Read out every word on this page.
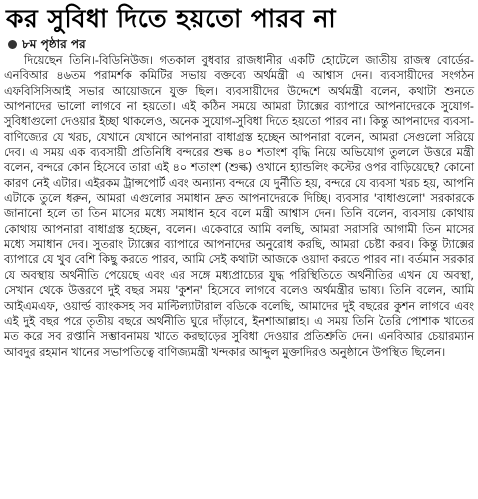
কর সুবিধা দিতে হয়তো পারব না
৮ম পৃষ্ঠার পর

দিয়েছেন তিনি।-বিডিনিউজ। গতকাল বুধবার রাজধানীর একটি হোটেলে জাতীয় রাজস্ব বোর্ডের-এনবিআর ৪৬তম পরামর্শক কমিটির সভায় বক্তব্যে অর্থমন্ত্রী এ আশ্বাস দেন। ব্যবসায়ীদের সংগঠন এফবিসিসিআই সভার আয়োজনে যুক্ত ছিল। ব্যবসায়ীদের উদ্দেশে অর্থমন্ত্রী বলেন, কথাটা শুনতে আপনাদের ভালো লাগবে না হয়তো। এই কঠিন সময়ে আমরা ট্যাক্সের ব্যাপারে আপনাদেরকে সুযোগ-সুবিধাগুলো দেওয়ার ইচ্ছা থাকলেও, অনেক সুযোগ-সুবিধা দিতে হয়তো পারব না। কিন্তু আপনাদের ব্যবসা-বাণিজ্যের যে খরচ, যেখানে যেখানে আপনারা বাধাগ্রস্ত হচ্ছেন আপনারা বলেন, আমরা সেগুলো সরিয়ে দেব। এ সময় এক ব্যবসায়ী প্রতিনিধি বন্দরের শুল্ক ৪০ শতাংশ বৃদ্ধি নিয়ে অভিযোগ তুললে উত্তরে মন্ত্রী বলেন, বন্দরে কোন হিসেবে তারা এই ৪০ শতাংশ (শুল্ক) ওখানে হ্যান্ডলিং কস্টের ওপর বাড়িয়েছে? কোনো কারণ নেই এটার। এইরকম ট্রান্সপোর্ট এবং অন্যান্য বন্দরে যে দুর্নীতি হয়, বন্দরে যে ব্যবসা খরচ হয়, আপনি এটাকে তুলে ধরুন, আমরা এগুলোর সমাধান দ্রুত আপনাদেরকে দিচ্ছি। ব্যবসার 'বাধাগুলো' সরকারকে জানানো হলে তা তিন মাসের মধ্যে সমাধান হবে বলে মন্ত্রী আশ্বাস দেন। তিনি বলেন, ব্যবসায় কোথায় কোথায় আপনারা বাধাগ্রস্ত হচ্ছেন, বলেন। একেবারে আমি বলছি, আমরা সরাসরি আগামী তিন মাসের মধ্যে সমাধান দেব। সুতরাং ট্যাক্সের ব্যাপারে আপনাদের অনুরোধ করছি, আমরা চেষ্টা করব। কিন্তু ট্যাক্সের ব্যাপারে যে খুব বেশি কিছু করতে পারব, আমি সেই কথাটা আজকে ওয়াদা করতে পারব না। বর্তমান সরকার যে অবস্থায় অর্থনীতি পেয়েছে এবং এর সঙ্গে মধ্যপ্রাচ্যের যুদ্ধ পরিস্থিতিতে অর্থনীতির এখন যে অবস্থা, সেখান থেকে উত্তরণে দুই বছর সময় 'কুশন' হিসেবে লাগবে বলেও অর্থমন্ত্রীর ভাষ্য। তিনি বলেন, আমি আইএমএফ, ওয়ার্ল্ড ব্যাংকসহ সব মাল্টিল্যাটারাল বডিকে বলেছি, আমাদের দুই বছরের কুশন লাগবে এবং এই দুই বছর পরে তৃতীয় বছরে অর্থনীতি ঘুরে দাঁড়াবে, ইনশাআল্লাহ। এ সময় তিনি তৈরি পোশাক খাতের মত করে সব রপ্তানি সম্ভাবনাময় খাতে করছাড়ের সুবিধা দেওয়ার প্রতিশ্রুতি দেন। এনবিআর চেয়ারম্যান আবদুর রহমান খানের সভাপতিত্বে বাণিজ্যমন্ত্রী খন্দকার আব্দুল মুক্তাদিরও অনুষ্ঠানে উপস্থিত ছিলেন।
